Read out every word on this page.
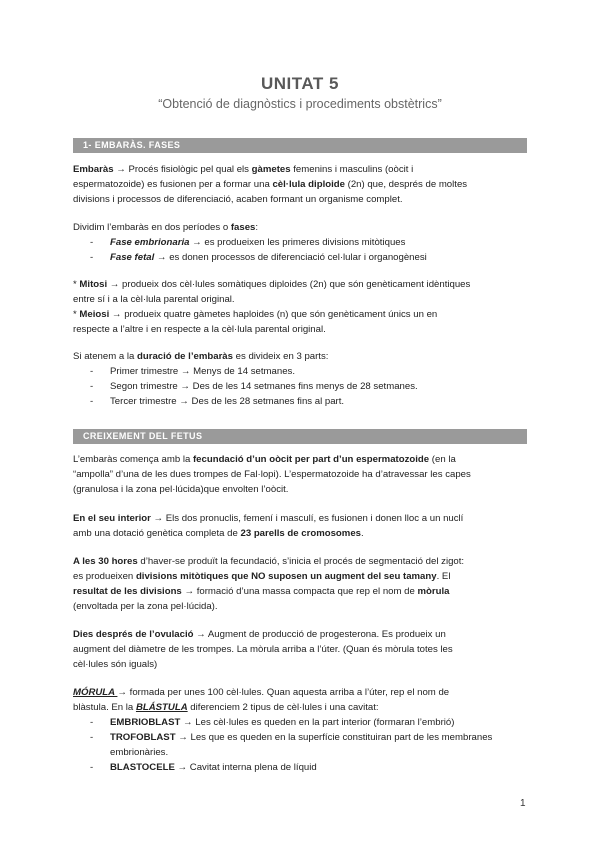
UNITAT 5
“Obtenció de diagnòstics i procediments obstètrics”
1- EMBARÀS. FASES
Embaràs → Procés fisiològic pel qual els gàmetes femenins i masculins (oòcit i
espermatozoide) es fusionen per a formar una cèl·lula diploide (2n) que, després de moltes
divisions i processos de diferenciació, acaben formant un organisme complet.
Dividim l’embaràs en dos períodes o fases:
- Fase embrionaria → es produeixen les primeres divisions mitòtiques
- Fase fetal → es donen processos de diferenciació cel·lular i organogènesi
* Mitosi → produeix dos cèl·lules somàtiques diploides (2n) que són genèticament idèntiques
entre sí i a la cèl·lula parental original.
* Meiosi → produeix quatre gàmetes haploides (n) que són genèticament únics un en
respecte a l’altre i en respecte a la cèl·lula parental original.
Si atenem a la duració de l’embaràs es divideix en 3 parts:
- Primer trimestre → Menys de 14 setmanes.
- Segon trimestre → Des de les 14 setmanes fins menys de 28 setmanes.
- Tercer trimestre → Des de les 28 setmanes fins al part.
CREIXEMENT DEL FETUS
L’embaràs comença amb la fecundació d’un oòcit per part d’un espermatozoide (en la
“ampolla” d’una de les dues trompes de Fal·lopi). L’espermatozoide ha d’atravessar les capes
(granulosa i la zona pel·lúcida)que envolten l’oòcit.
En el seu interior → Els dos pronuclis, femení i masculí, es fusionen i donen lloc a un nuclí
amb una dotació genètica completa de 23 parells de cromosomes.
A les 30 hores d’haver-se produït la fecundació, s’inicia el procés de segmentació del zigot:
es produeixen divisions mitòtiques que NO suposen un augment del seu tamany. El
resultat de les divisions → formació d’una massa compacta que rep el nom de mòrula
(envoltada per la zona pel·lúcida).
Dies després de l’ovulació → Augment de producció de progesterona. Es produeix un
augment del diàmetre de les trompes. La mòrula arriba a l’úter. (Quan és mòrula totes les
cèl·lules són iguals)
MÓRULA → formada per unes 100 cèl·lules. Quan aquesta arriba a l’úter, rep el nom de
blàstula. En la BLÁSTULA diferenciem 2 tipus de cèl·lules i una cavitat:
- EMBRIOBLAST → Les cèl·lules es queden en la part interior (formaran l’embrió)
- TROFOBLAST → Les que es queden en la superfície constituiran part de les membranes embrionàries.
- BLASTOCELE → Cavitat interna plena de líquid
1
